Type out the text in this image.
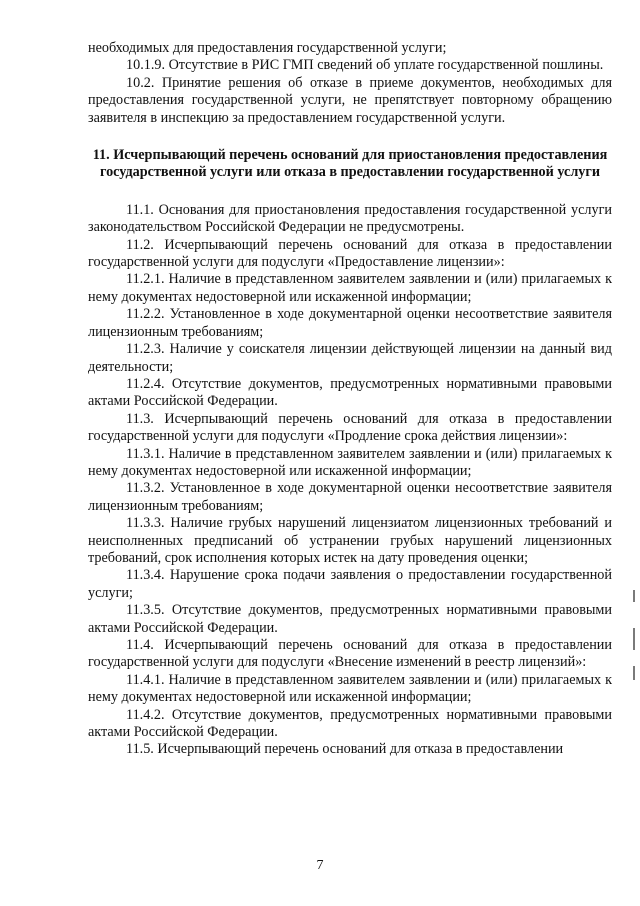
необходимых для предоставления государственной услуги;

10.1.9. Отсутствие в РИС ГМП сведений об уплате государственной пошлины.

10.2. Принятие решения об отказе в приеме документов, необходимых для предоставления государственной услуги, не препятствует повторному обращению заявителя в инспекцию за предоставлением государственной услуги.

11. Исчерпывающий перечень оснований для приостановления предоставления государственной услуги или отказа в предоставлении государственной услуги

11.1. Основания для приостановления предоставления государственной услуги законодательством Российской Федерации не предусмотрены.

11.2. Исчерпывающий перечень оснований для отказа в предоставлении государственной услуги для подуслуги «Предоставление лицензии»:

11.2.1. Наличие в представленном заявителем заявлении и (или) прилагаемых к нему документах недостоверной или искаженной информации;

11.2.2. Установленное в ходе документарной оценки несоответствие заявителя лицензионным требованиям;

11.2.3. Наличие у соискателя лицензии действующей лицензии на данный вид деятельности;

11.2.4. Отсутствие документов, предусмотренных нормативными правовыми актами Российской Федерации.

11.3. Исчерпывающий перечень оснований для отказа в предоставлении государственной услуги для подуслуги «Продление срока действия лицензии»:

11.3.1. Наличие в представленном заявителем заявлении и (или) прилагаемых к нему документах недостоверной или искаженной информации;

11.3.2. Установленное в ходе документарной оценки несоответствие заявителя лицензионным требованиям;

11.3.3. Наличие грубых нарушений лицензиатом лицензионных требований и неисполненных предписаний об устранении грубых нарушений лицензионных требований, срок исполнения которых истек на дату проведения оценки;

11.3.4. Нарушение срока подачи заявления о предоставлении государственной услуги;

11.3.5. Отсутствие документов, предусмотренных нормативными правовыми актами Российской Федерации.

11.4. Исчерпывающий перечень оснований для отказа в предоставлении государственной услуги для подуслуги «Внесение изменений в реестр лицензий»:

11.4.1. Наличие в представленном заявителем заявлении и (или) прилагаемых к нему документах недостоверной или искаженной информации;

11.4.2. Отсутствие документов, предусмотренных нормативными правовыми актами Российской Федерации.

11.5. Исчерпывающий перечень оснований для отказа в предоставлении

7
